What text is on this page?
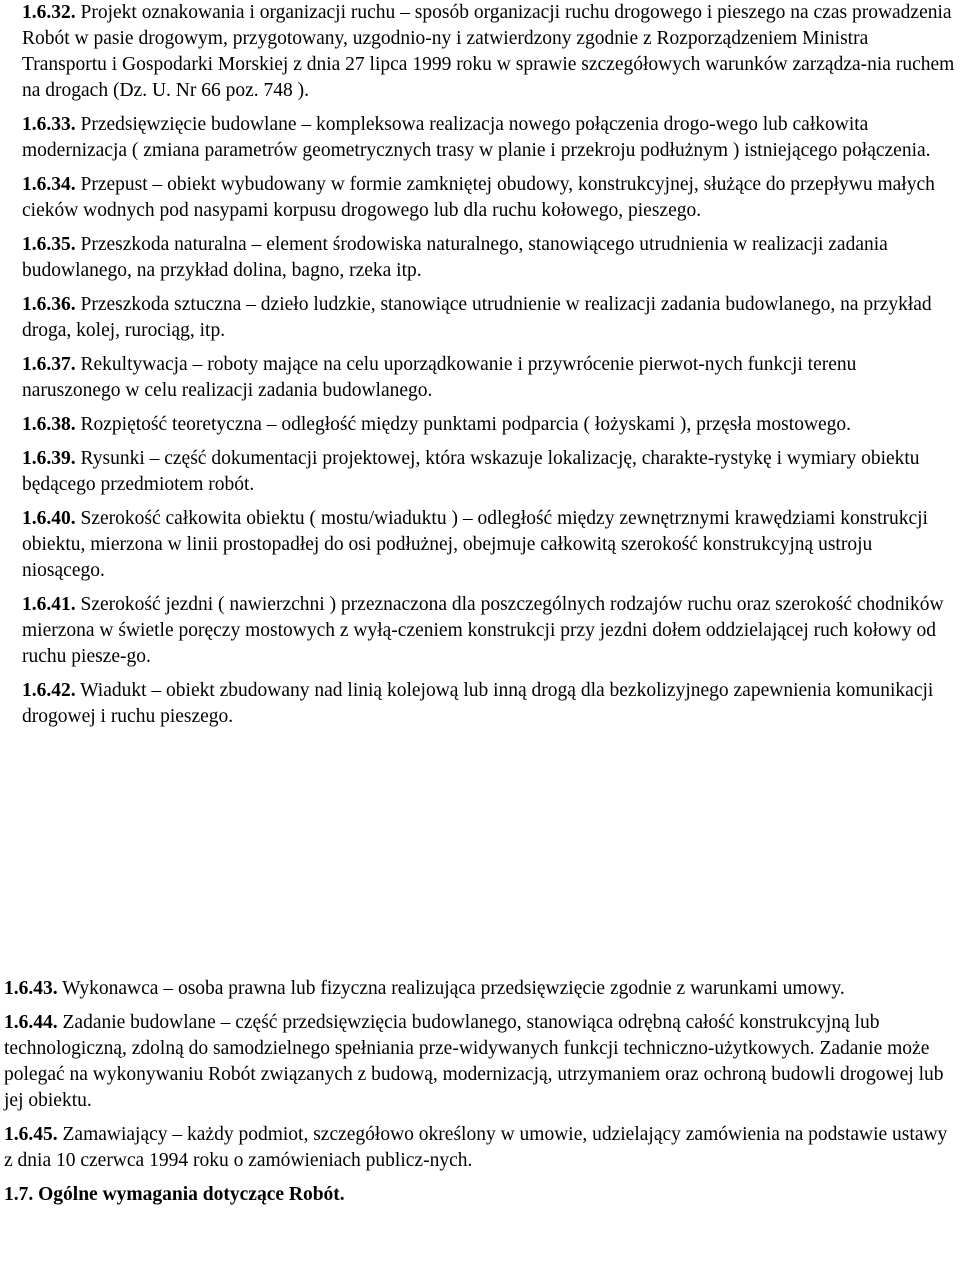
1.6.32. Projekt oznakowania i organizacji ruchu – sposób organizacji ruchu drogowego i pieszego na czas prowadzenia Robót w pasie drogowym, przygotowany, uzgodnio-ny i zatwierdzony zgodnie z Rozporządzeniem Ministra Transportu i Gospodarki Morskiej z dnia 27 lipca 1999 roku w sprawie szczegółowych warunków zarządza-nia ruchem na drogach (Dz. U. Nr 66 poz. 748 ).

1.6.33. Przedsięwzięcie budowlane – kompleksowa realizacja nowego połączenia drogo-wego lub całkowita modernizacja ( zmiana parametrów geometrycznych trasy w planie i przekroju podłużnym ) istniejącego połączenia.

1.6.34. Przepust – obiekt wybudowany w formie zamkniętej obudowy, konstrukcyjnej, służące do przepływu małych cieków wodnych pod nasypami korpusu drogowego lub dla ruchu kołowego, pieszego.

1.6.35. Przeszkoda naturalna – element środowiska naturalnego, stanowiącego utrudnienia w realizacji zadania budowlanego, na przykład dolina, bagno, rzeka itp.

1.6.36. Przeszkoda sztuczna – dzieło ludzkie, stanowiące utrudnienie w realizacji zadania budowlanego, na przykład droga, kolej, rurociąg, itp.

1.6.37. Rekultywacja – roboty mające na celu uporządkowanie i przywrócenie pierwot-nych funkcji terenu naruszonego w celu realizacji zadania budowlanego.

1.6.38. Rozpiętość teoretyczna – odległość między punktami podparcia ( łożyskami ), przęsła mostowego.

1.6.39. Rysunki – część dokumentacji projektowej, która wskazuje lokalizację, charakte-rystykę i wymiary obiektu będącego przedmiotem robót.

1.6.40. Szerokość całkowita obiektu ( mostu/wiaduktu ) – odległość między zewnętrznymi krawędziami konstrukcji obiektu, mierzona w linii prostopadłej do osi podłużnej, obejmuje całkowitą szerokość konstrukcyjną ustroju niosącego.

1.6.41. Szerokość jezdni ( nawierzchni ) przeznaczona dla poszczególnych rodzajów ruchu oraz szerokość chodników mierzona w świetle poręczy mostowych z wyłą-czeniem konstrukcji przy jezdni dołem oddzielającej ruch kołowy od ruchu piesze-go.

1.6.42. Wiadukt – obiekt zbudowany nad linią kolejową lub inną drogą dla bezkolizyjnego zapewnienia komunikacji drogowej i ruchu pieszego.

1.6.43. Wykonawca – osoba prawna lub fizyczna realizująca przedsięwzięcie zgodnie z warunkami umowy.

1.6.44. Zadanie budowlane – część przedsięwzięcia budowlanego, stanowiąca odrębną całość konstrukcyjną lub technologiczną, zdolną do samodzielnego spełniania prze-widywanych funkcji techniczno-użytkowych. Zadanie może polegać na wykonywaniu Robót związanych z budową, modernizacją, utrzymaniem oraz ochroną budowli drogowej lub jej obiektu.

1.6.45. Zamawiający – każdy podmiot, szczegółowo określony w umowie, udzielający zamówienia na podstawie ustawy z dnia 10 czerwca 1994 roku o zamówieniach publicz-nych.

1.7. Ogólne wymagania dotyczące Robót.
